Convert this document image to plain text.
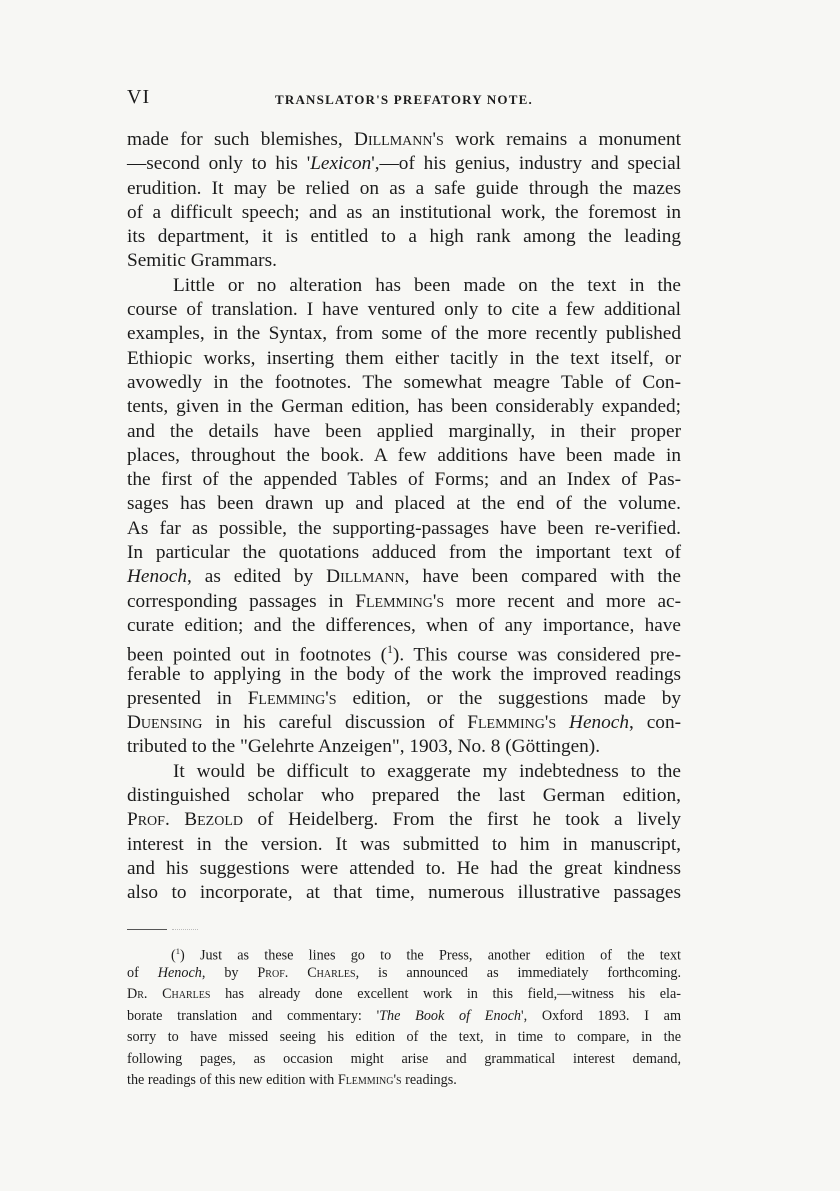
VI	TRANSLATOR'S PREFATORY NOTE.
made for such blemishes, Dillmann's work remains a monument
—second only to his 'Lexicon',—of his genius, industry and special
erudition. It may be relied on as a safe guide through the mazes
of a difficult speech; and as an institutional work, the foremost in
its department, it is entitled to a high rank among the leading
Semitic Grammars.
Little or no alteration has been made on the text in the
course of translation. I have ventured only to cite a few additional
examples, in the Syntax, from some of the more recently published
Ethiopic works, inserting them either tacitly in the text itself, or
avowedly in the footnotes. The somewhat meagre Table of Con-
tents, given in the German edition, has been considerably expanded;
and the details have been applied marginally, in their proper
places, throughout the book. A few additions have been made in
the first of the appended Tables of Forms; and an Index of Pas-
sages has been drawn up and placed at the end of the volume.
As far as possible, the supporting-passages have been re-verified.
In particular the quotations adduced from the important text of
Henoch, as edited by Dillmann, have been compared with the
corresponding passages in Flemming's more recent and more ac-
curate edition; and the differences, when of any importance, have
been pointed out in footnotes ($^1$). This course was considered pre-
ferable to applying in the body of the work the improved readings
presented in Flemming's edition, or the suggestions made by
Duensing in his careful discussion of Flemming's Henoch, con-
tributed to the "Gelehrte Anzeigen", 1903, No. 8 (Göttingen).
It would be difficult to exaggerate my indebtedness to the
distinguished scholar who prepared the last German edition,
Prof. Bezold of Heidelberg. From the first he took a lively
interest in the version. It was submitted to him in manuscript,
and his suggestions were attended to. He had the great kindness
also to incorporate, at that time, numerous illustrative passages
($^1$) Just as these lines go to the Press, another edition of the text
of Henoch, by Prof. Charles, is announced as immediately forthcoming.
Dr. Charles has already done excellent work in this field,—witness his ela-
borate translation and commentary: 'The Book of Enoch', Oxford 1893. I am
sorry to have missed seeing his edition of the text, in time to compare, in the
following pages, as occasion might arise and grammatical interest demand,
the readings of this new edition with Flemming's readings.
